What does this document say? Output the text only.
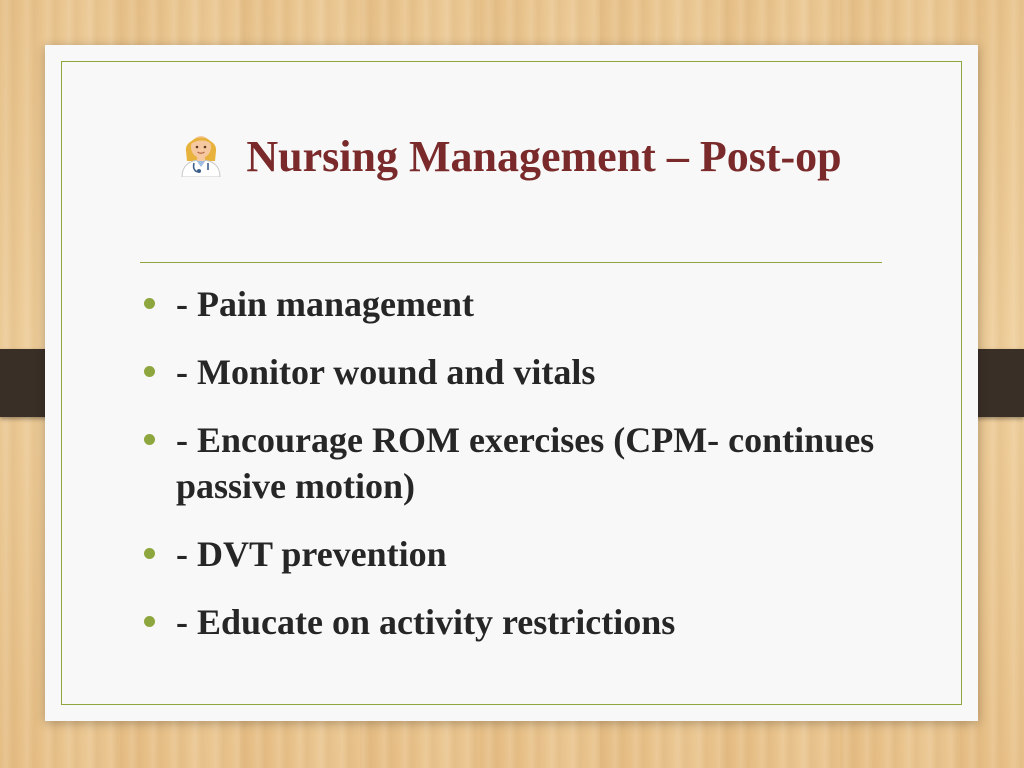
Nursing Management – Post-op
- Pain management
- Monitor wound and vitals
- Encourage ROM exercises (CPM- continues passive motion)
- DVT prevention
- Educate on activity restrictions
